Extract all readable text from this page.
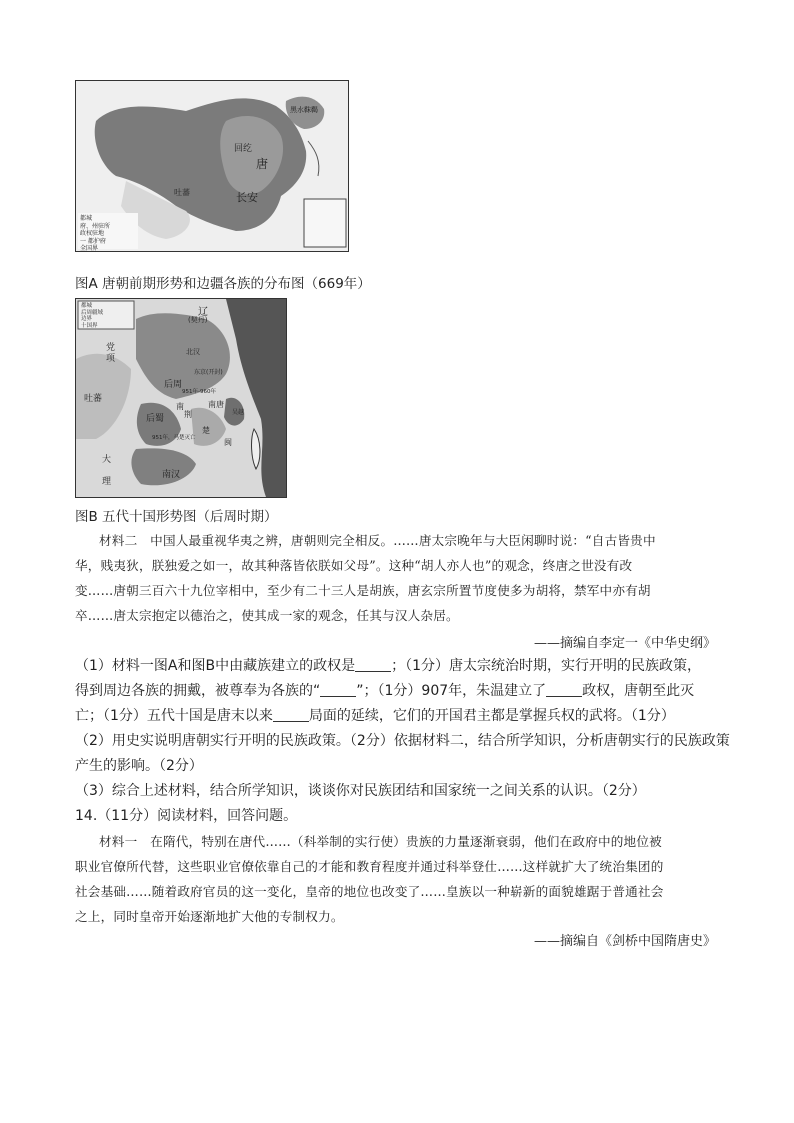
回纥
黑水靺鞨
唐
长安
吐蕃
都城
府、州驻所
政权驻地
一 都护府
全国界
图A 唐朝前期形势和边疆各族的分布图（669年）
都城
后周疆域
边界
十国界
辽
(契丹)
党项
北汉
东京(开封)
后周
951年-960年
吐蕃
后蜀
南
荆
南唐
吴越
951年，马楚灭亡
楚
闽
大理
南汉
图B 五代十国形势图（后周时期）
材料二　中国人最重视华夷之辨，唐朝则完全相反。……唐太宗晚年与大臣闲聊时说：“自古皆贵中
华，贱夷狄，朕独爱之如一，故其种落皆依朕如父母”。这种“胡人亦人也”的观念，终唐之世没有改
变……唐朝三百六十九位宰相中，至少有二十三人是胡族，唐玄宗所置节度使多为胡将，禁军中亦有胡
卒……唐太宗抱定以德治之，使其成一家的观念，任其与汉人杂居。
——摘编自李定一《中华史纲》
（1）材料一图A和图B中由藏族建立的政权是	；（1分）唐太宗统治时期，实行开明的民族政策，
得到周边各族的拥戴，被尊奉为各族的“	”；（1分）907年，朱温建立了	政权，唐朝至此灭
亡；（1分）五代十国是唐末以来	局面的延续，它们的开国君主都是掌握兵权的武将。（1分）
（2）用史实说明唐朝实行开明的民族政策。（2分）依据材料二，结合所学知识，分析唐朝实行的民族政策
产生的影响。（2分）
（3）综合上述材料，结合所学知识，谈谈你对民族团结和国家统一之间关系的认识。（2分）
14.（11分）阅读材料，回答问题。
材料一　在隋代，特别在唐代……（科举制的实行使）贵族的力量逐渐衰弱，他们在政府中的地位被
职业官僚所代替，这些职业官僚依靠自己的才能和教育程度并通过科举登仕……这样就扩大了统治集团的
社会基础……随着政府官员的这一变化，皇帝的地位也改变了……皇族以一种崭新的面貌雄踞于普通社会
之上，同时皇帝开始逐渐地扩大他的专制权力。
——摘编自《剑桥中国隋唐史》
